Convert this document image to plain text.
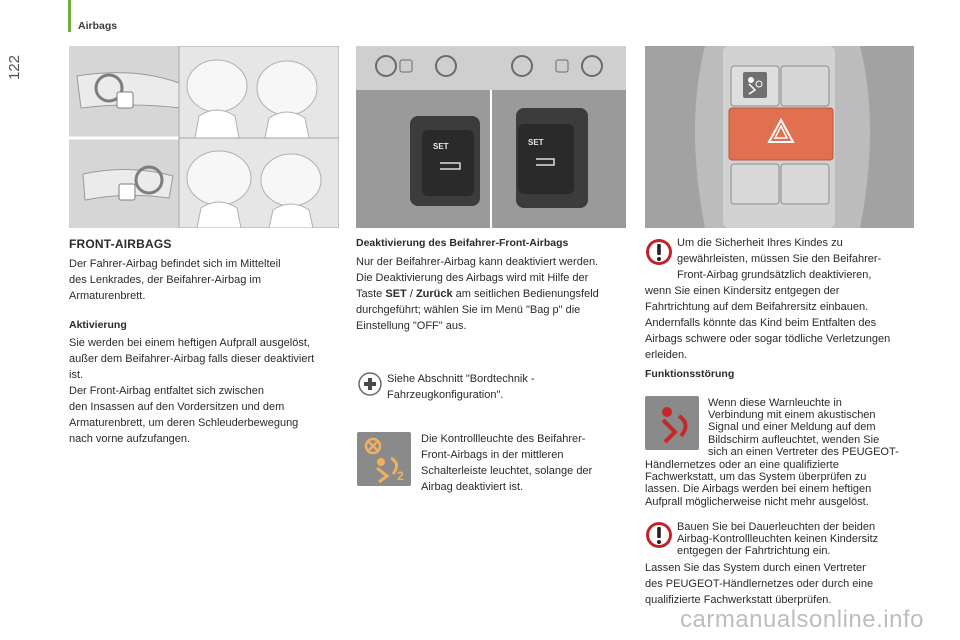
122
Airbags
SET	SET
FRONT-AIRBAGS

Der Fahrer-Airbag befindet sich im Mittelteil

des Lenkrades, der Beifahrer-Airbag im

Armaturenbrett.

Aktivierung

Sie werden bei einem heftigen Aufprall ausgelöst,

außer dem Beifahrer-Airbag falls dieser deaktiviert

ist.

Der Front-Airbag entfaltet sich zwischen

den Insassen auf den Vordersitzen und dem

Armaturenbrett, um deren Schleuderbewegung

nach vorne aufzufangen.

Deaktivierung des Beifahrer-Front-Airbags

Nur der Beifahrer-Airbag kann deaktiviert werden.

Die Deaktivierung des Airbags wird mit Hilfe der

Taste SET / Zurück am seitlichen Bedienungsfeld

durchgeführt; wählen Sie im Menü "Bag p" die

Einstellung "OFF" aus.

Siehe Abschnitt "Bordtechnik -

Fahrzeugkonfiguration".

2

Die Kontrollleuchte des Beifahrer-

Front-Airbags in der mittleren

Schalterleiste leuchtet, solange der

Airbag deaktiviert ist.

Um die Sicherheit Ihres Kindes zu

gewährleisten, müssen Sie den Beifahrer-

Front-Airbag grundsätzlich deaktivieren,

wenn Sie einen Kindersitz entgegen der

Fahrtrichtung auf dem Beifahrersitz einbauen.

Andernfalls könnte das Kind beim Entfalten des

Airbags schwere oder sogar tödliche Verletzungen

erleiden.

Funktionsstörung

Wenn diese Warnleuchte in

Verbindung mit einem akustischen

Signal und einer Meldung auf dem

Bildschirm aufleuchtet, wenden Sie

sich an einen Vertreter des PEUGEOT-

Händlernetzes oder an eine qualifizierte

Fachwerkstatt, um das System überprüfen zu

lassen. Die Airbags werden bei einem heftigen

Aufprall möglicherweise nicht mehr ausgelöst.

Bauen Sie bei Dauerleuchten der beiden

Airbag-Kontrollleuchten keinen Kindersitz

entgegen der Fahrtrichtung ein.

Lassen Sie das System durch einen Vertreter

des PEUGEOT-Händlernetzes oder durch eine

qualifizierte Fachwerkstatt überprüfen.

carmanualsonline.info
